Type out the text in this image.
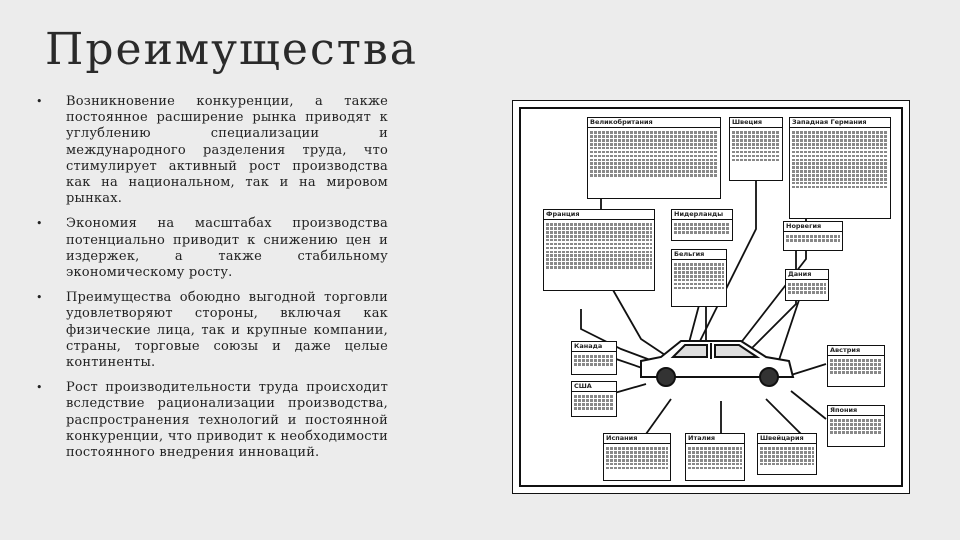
Преимущества
• Возникновение конкуренции, а также постоянное расширение рынка приводят к углублению специализации и международного разделения труда, что стимулирует активный рост производства как на национальном, так и на мировом рынках.
• Экономия на масштабах производства потенциально приводит к снижению цен и издержек, а также стабильному экономическому росту.
• Преимущества обоюдно выгодной торговли удовлетворяют стороны, включая как физические лица, так и крупные компании, страны, торговые союзы и даже целые континенты.
• Рост производительности труда происходит вследствие рационализации производства, распространения технологий и постоянной конкуренции, что приводит к необходимости постоянного внедрения инноваций.
Великобритания	Швеция	Западная Германия
Франция	Нидерланды
Норвегия
Бельгия
Дания
Канада	Австрия
США
Япония
Испания	Италия	Швейцария
